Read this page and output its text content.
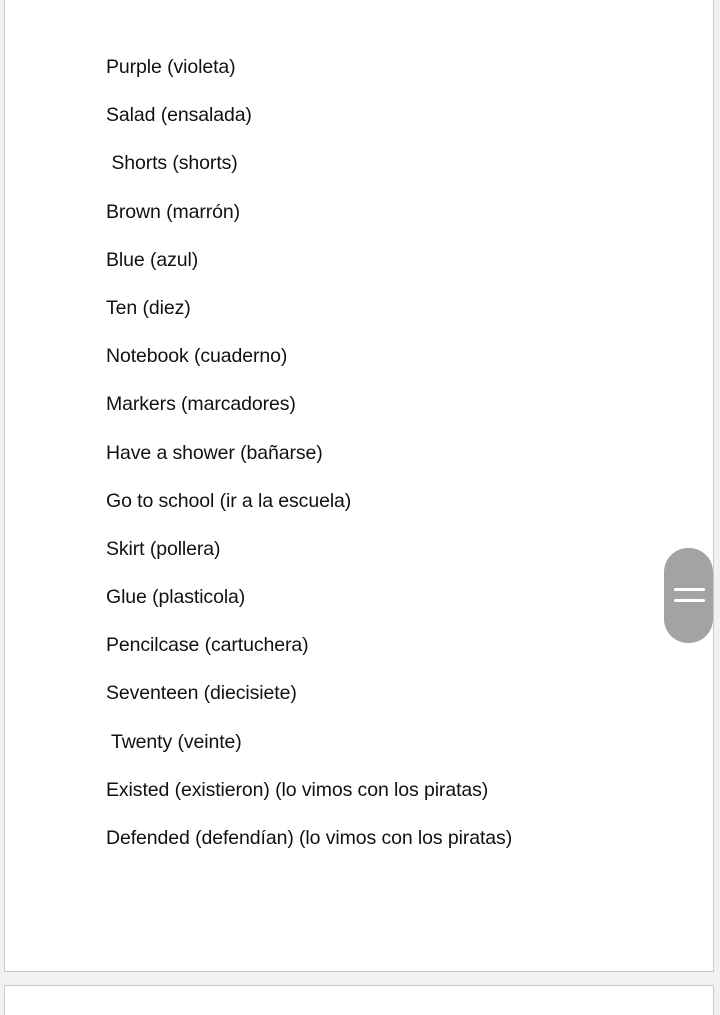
Purple (violeta)
Salad (ensalada)
Shorts (shorts)
Brown (marrón)
Blue (azul)
Ten (diez)
Notebook (cuaderno)
Markers (marcadores)
Have a shower (bañarse)
Go to school (ir a la escuela)
Skirt (pollera)
Glue (plasticola)
Pencilcase (cartuchera)
Seventeen (diecisiete)
Twenty (veinte)
Existed (existieron) (lo vimos con los piratas)
Defended (defendían) (lo vimos con los piratas)
